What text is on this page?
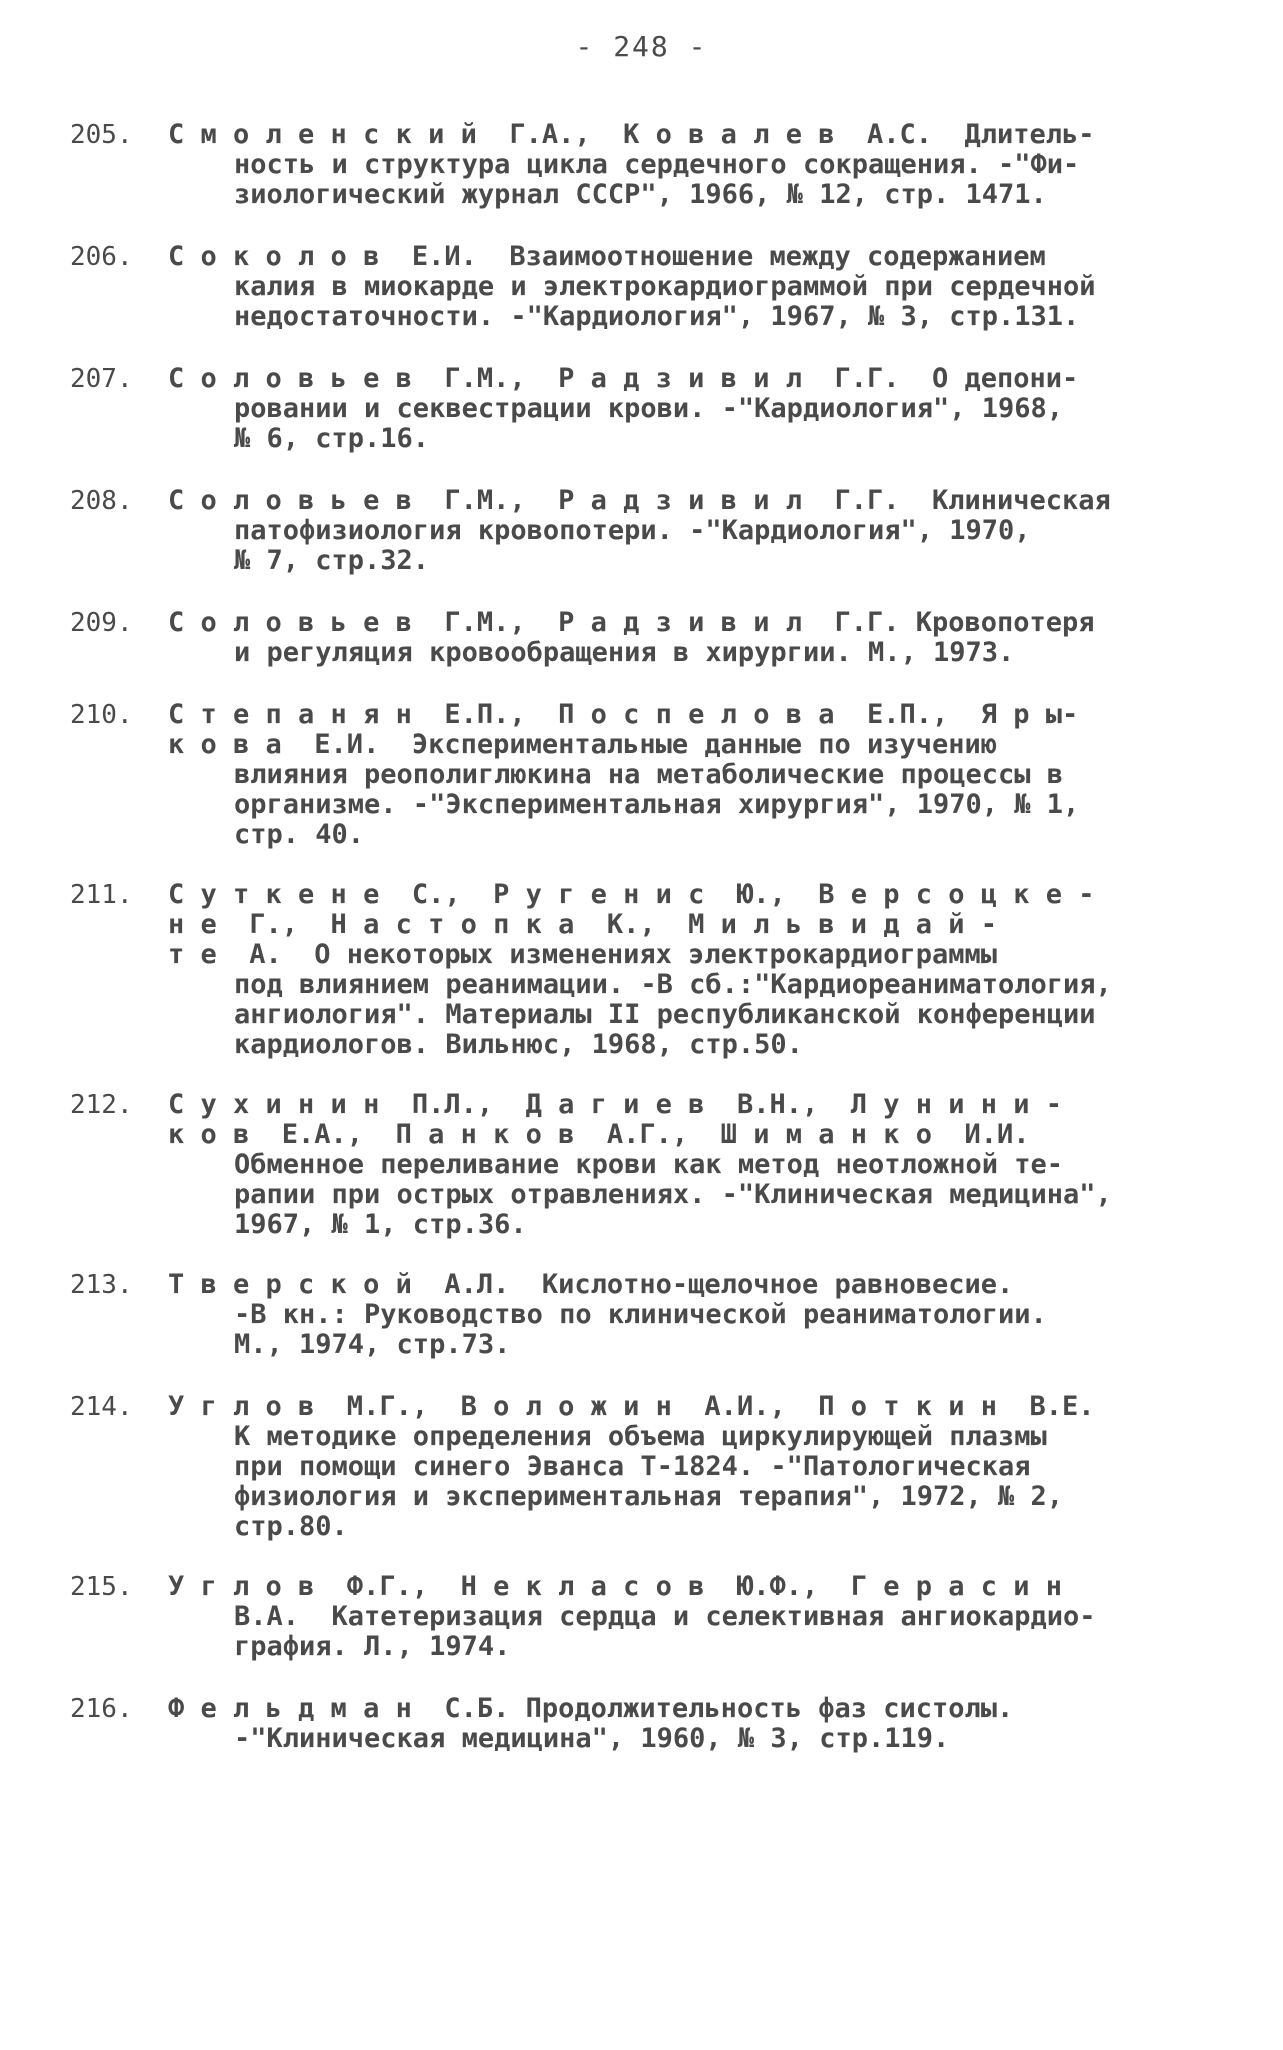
- 248 -
205.	С м о л е н с к и й  Г.А.,  К о в а л е в  А.С.  Длитель-
ность и структура цикла сердечного сокращения. -"Фи-
зиологический журнал СССР", 1966, № 12, стр. 1471.
206.	С о к о л о в  Е.И.  Взаимоотношение между содержанием
калия в миокарде и электрокардиограммой при сердечной
недостаточности. -"Кардиология", 1967, № 3, стр.131.
207.	С о л о в ь е в  Г.М.,  Р а д з и в и л  Г.Г.  О депони-
ровании и секвестрации крови. -"Кардиология", 1968,
№ 6, стр.16.
208.	С о л о в ь е в  Г.М.,  Р а д з и в и л  Г.Г.  Клиническая
патофизиология кровопотери. -"Кардиология", 1970,
№ 7, стр.32.
209.	С о л о в ь е в  Г.М.,  Р а д з и в и л  Г.Г. Кровопотеря
и регуляция кровообращения в хирургии. М., 1973.
210.	С т е п а н я н  Е.П.,  П о с п е л о в а  Е.П.,  Я р ы-
к о в а  Е.И.  Экспериментальные данные по изучению
влияния реополиглюкина на метаболические процессы в
организме. -"Экспериментальная хирургия", 1970, № 1,
стр. 40.
211.	С у т к е н е  С.,  Р у г е н и с  Ю.,  В е р с о ц к е -
н е  Г.,  Н а с т о п к а  К.,  М и л ь в и д а й -
т е  А.  О некоторых изменениях электрокардиограммы
под влиянием реанимации. -В сб.:"Кардиореаниматология,
ангиология". Материалы II республиканской конференции
кардиологов. Вильнюс, 1968, стр.50.
212.	С у х и н и н  П.Л.,  Д а г и е в  В.Н.,  Л у н и н и -
к о в  Е.А.,  П а н к о в  А.Г.,  Ш и м а н к о  И.И.
Обменное переливание крови как метод неотложной те-
рапии при острых отравлениях. -"Клиническая медицина",
1967, № 1, стр.36.
213.	Т в е р с к о й  А.Л.  Кислотно-щелочное равновесие.
-В кн.: Руководство по клинической реаниматологии.
М., 1974, стр.73.
214.	У г л о в  М.Г.,  В о л о ж и н  А.И.,  П о т к и н  В.Е.
К методике определения объема циркулирующей плазмы
при помощи синего Эванса Т-1824. -"Патологическая
физиология и экспериментальная терапия", 1972, № 2,
стр.80.
215.	У г л о в  Ф.Г.,  Н е к л а с о в  Ю.Ф.,  Г е р а с и н
В.А.  Катетеризация сердца и селективная ангиокардио-
графия. Л., 1974.
216.	Ф е л ь д м а н  С.Б. Продолжительность фаз систолы.
-"Клиническая медицина", 1960, № 3, стр.119.
